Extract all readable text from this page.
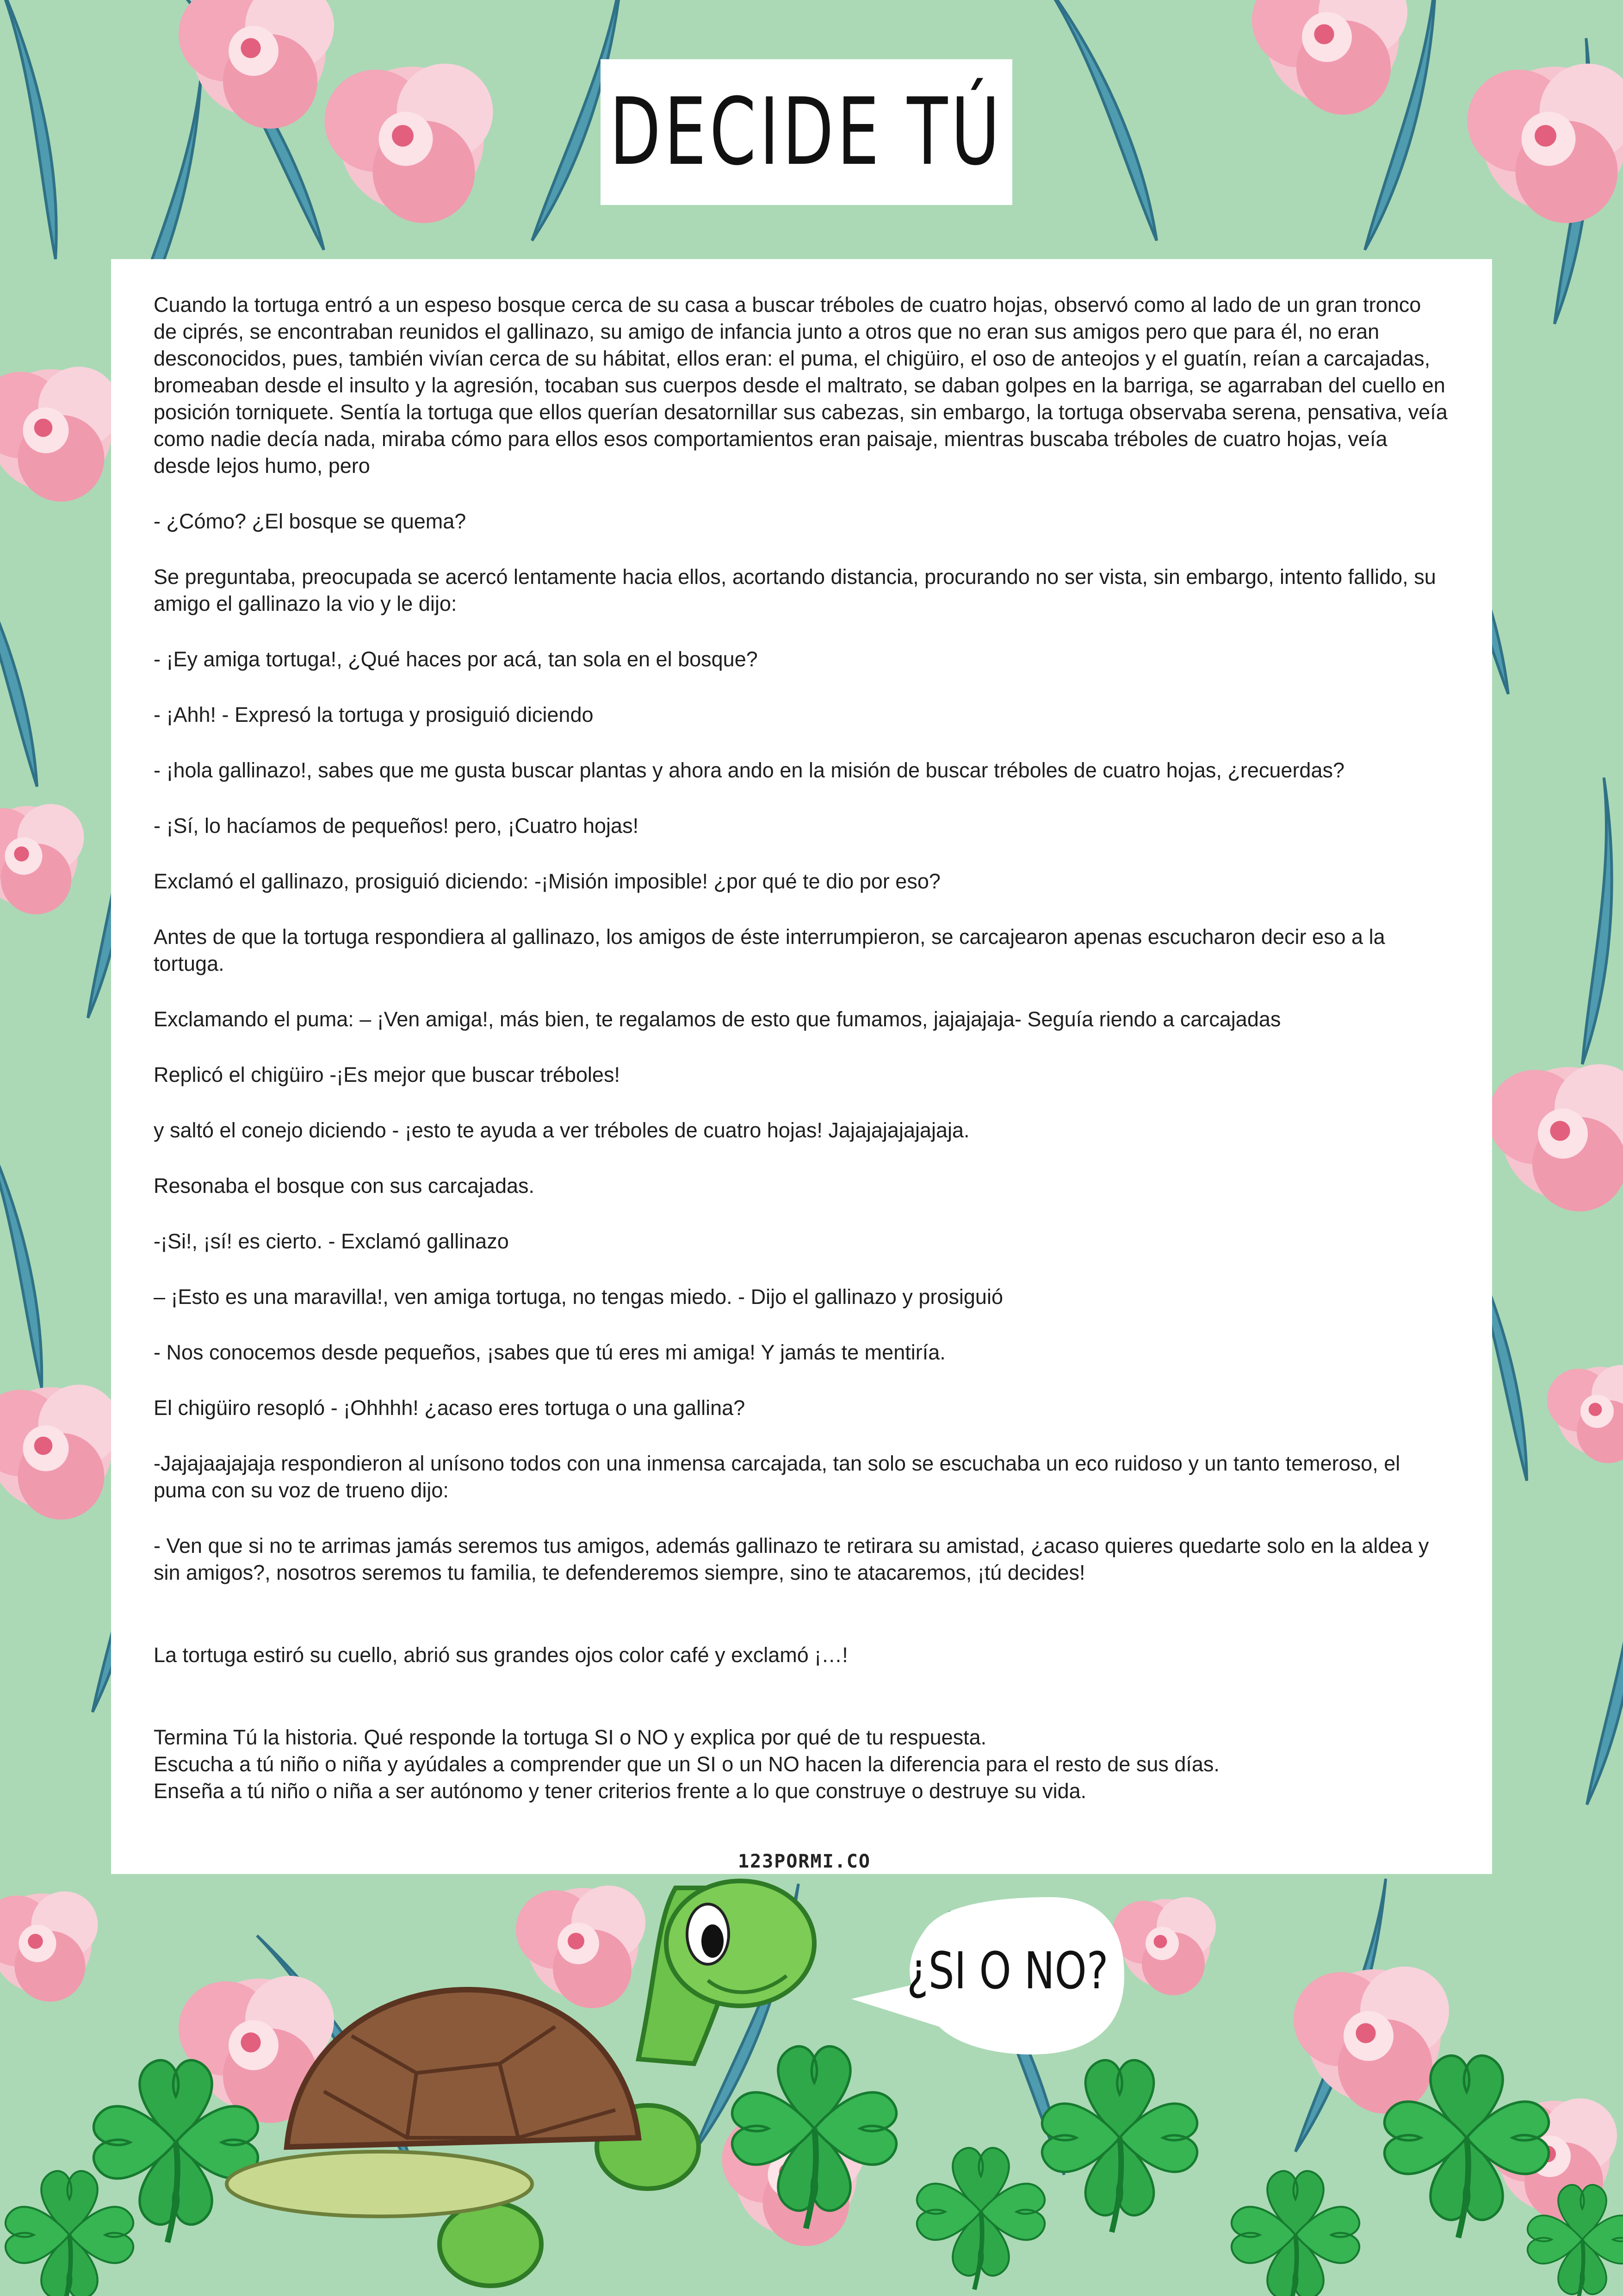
DECIDE TÚ

Cuando la tortuga entró a un espeso bosque cerca de su casa a buscar tréboles de cuatro hojas, observó como al lado de un gran tronco de ciprés, se encontraban reunidos el gallinazo, su amigo de infancia junto a otros que no eran sus amigos pero que para él, no eran desconocidos, pues, también vivían cerca de su hábitat, ellos eran: el puma, el chigüiro, el oso de anteojos y el guatín, reían a carcajadas, bromeaban desde el insulto y la agresión, tocaban sus cuerpos desde el maltrato, se daban golpes en la barriga, se agarraban del cuello en posición torniquete. Sentía la tortuga que ellos querían desatornillar sus cabezas, sin embargo, la tortuga observaba serena, pensativa, veía como nadie decía nada, miraba cómo para ellos esos comportamientos eran paisaje, mientras buscaba tréboles de cuatro hojas, veía desde lejos humo, pero

- ¿Cómo? ¿El bosque se quema?

Se preguntaba, preocupada se acercó lentamente hacia ellos, acortando distancia, procurando no ser vista, sin embargo, intento fallido, su amigo el gallinazo la vio y le dijo:

- ¡Ey amiga tortuga!, ¿Qué haces por acá, tan sola en el bosque?

- ¡Ahh! - Expresó la tortuga y prosiguió diciendo

- ¡hola gallinazo!, sabes que me gusta buscar plantas y ahora ando en la misión de buscar tréboles de cuatro hojas, ¿recuerdas?

- ¡Sí, lo hacíamos de pequeños! pero, ¡Cuatro hojas!

Exclamó el gallinazo, prosiguió diciendo: -¡Misión imposible! ¿por qué te dio por eso?

Antes de que la tortuga respondiera al gallinazo, los amigos de éste interrumpieron, se carcajearon apenas escucharon decir eso a la tortuga.

Exclamando el puma: – ¡Ven amiga!, más bien, te regalamos de esto que fumamos, jajajajaja- Seguía riendo a carcajadas

Replicó el chigüiro -¡Es mejor que buscar tréboles!

y saltó el conejo diciendo - ¡esto te ayuda a ver tréboles de cuatro hojas! Jajajajajajajaja.

Resonaba el bosque con sus carcajadas.

-¡Si!, ¡sí! es cierto. - Exclamó gallinazo

– ¡Esto es una maravilla!, ven amiga tortuga, no tengas miedo. - Dijo el gallinazo y prosiguió

- Nos conocemos desde pequeños, ¡sabes que tú eres mi amiga! Y jamás te mentiría.

El chigüiro resopló - ¡Ohhhh! ¿acaso eres tortuga o una gallina?

-Jajajaajajaja respondieron al unísono todos con una inmensa carcajada, tan solo se escuchaba un eco ruidoso y un tanto temeroso, el puma con su voz de trueno dijo:

- Ven que si no te arrimas jamás seremos tus amigos, además gallinazo te retirara su amistad, ¿acaso quieres quedarte solo en la aldea y sin amigos?, nosotros seremos tu familia, te defenderemos siempre, sino te atacaremos, ¡tú decides!

La tortuga estiró su cuello, abrió sus grandes ojos color café y exclamó ¡…!

Termina Tú la historia. Qué responde la tortuga SI o NO y explica por qué de tu respuesta.
Escucha a tú niño o niña y ayúdales a comprender que un SI o un NO hacen la diferencia para el resto de sus días.
Enseña a tú niño o niña a ser autónomo y tener criterios frente a lo que construye o destruye su vida.

123PORMI.CO
¿SI O NO?
